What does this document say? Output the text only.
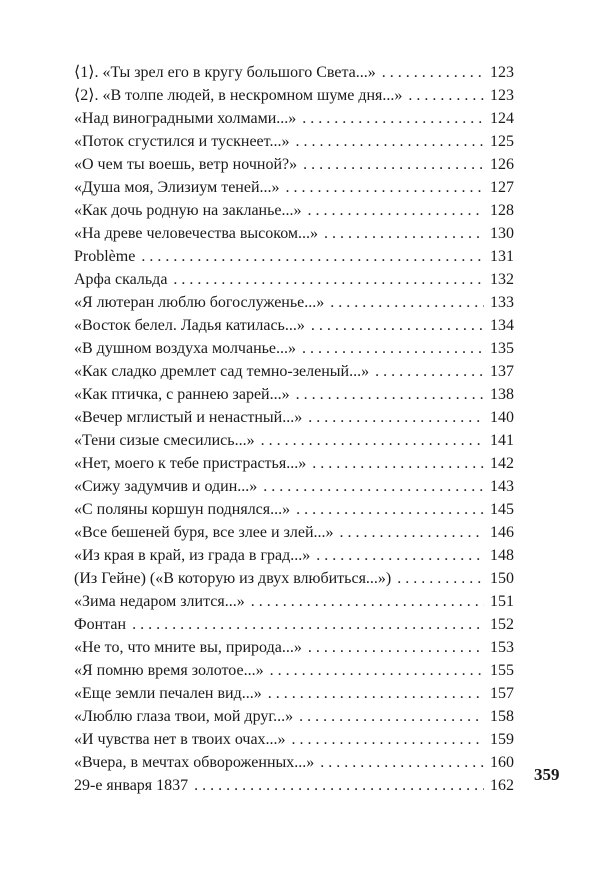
⟨1⟩. «Ты зрел его в кругу большого Света...» . . .	123
⟨2⟩. «В толпе людей, в нескромном шуме дня...» . . .	123
«Над виноградными холмами...» . . .	124
«Поток сгустился и тускнеет...» . . .	125
«О чем ты воешь, ветр ночной?» . . .	126
«Душа моя, Элизиум теней...» . . .	127
«Как дочь родную на закланье...» . . .	128
«На древе человечества высоком...» . . .	130
Problème . . .	131
Арфа скальда . . .	132
«Я лютеран люблю богослуженье...» . . .	133
«Восток белел. Ладья катилась...» . . .	134
«В душном воздуха молчанье...» . . .	135
«Как сладко дремлет сад темно-зеленый...» . . .	137
«Как птичка, с раннею зарей...» . . .	138
«Вечер мглистый и ненастный...» . . .	140
«Тени сизые смесились...» . . .	141
«Нет, моего к тебе пристрастья...» . . .	142
«Сижу задумчив и один...» . . .	143
«С поляны коршун поднялся...» . . .	145
«Все бешеней буря, все злее и злей...» . . .	146
«Из края в край, из града в град...» . . .	148
(Из Гейне) («В которую из двух влюбиться...») . . .	150
«Зима недаром злится...» . . .	151
Фонтан . . .	152
«Не то, что мните вы, природа...» . . .	153
«Я помню время золотое...» . . .	155
«Еще земли печален вид...» . . .	157
«Люблю глаза твои, мой друг...» . . .	158
«И чувства нет в твоих очах...» . . .	159
«Вчера, в мечтах обвороженных...» . . .	160
29-е января 1837 . . .	162
359
